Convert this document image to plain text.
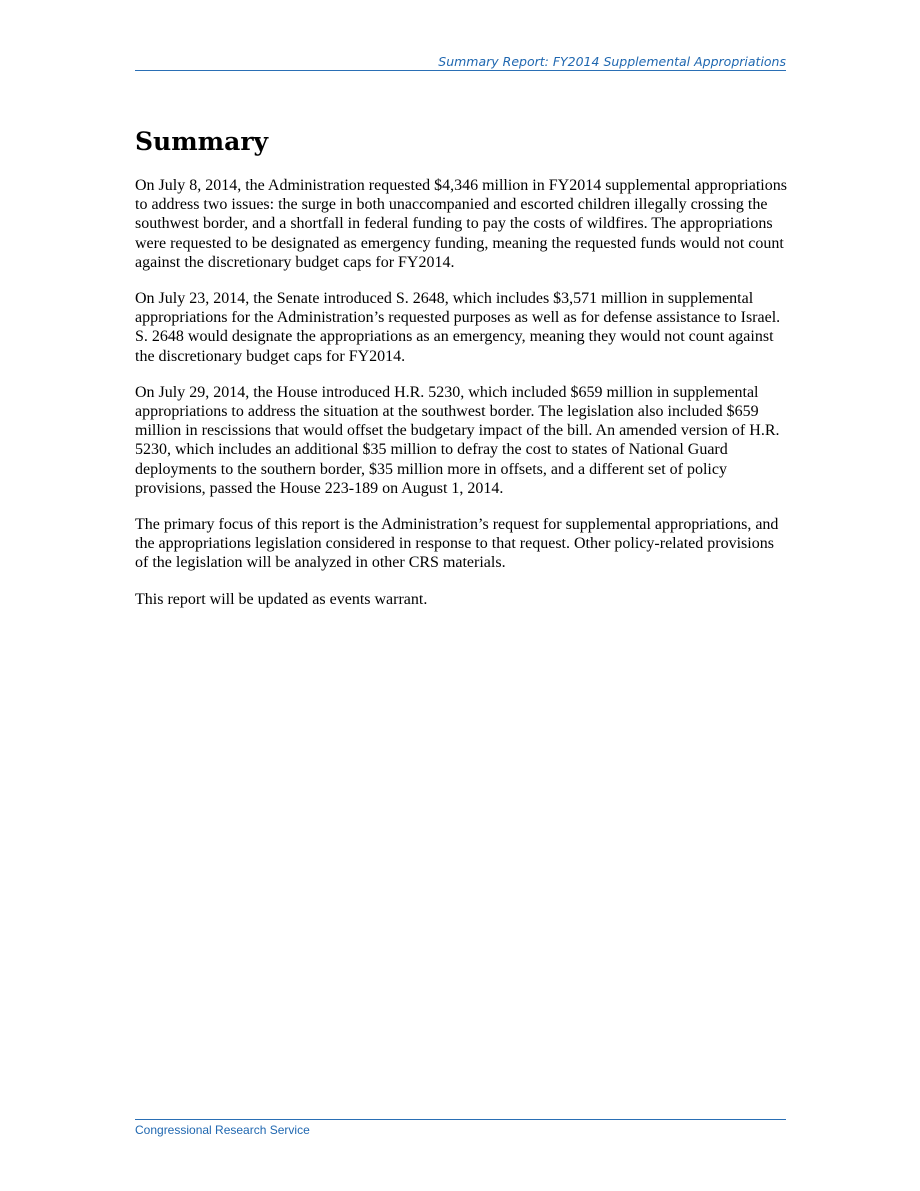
Summary Report: FY2014 Supplemental Appropriations
Summary

On July 8, 2014, the Administration requested $4,346 million in FY2014 supplemental appropriations to address two issues: the surge in both unaccompanied and escorted children illegally crossing the southwest border, and a shortfall in federal funding to pay the costs of wildfires. The appropriations were requested to be designated as emergency funding, meaning the requested funds would not count against the discretionary budget caps for FY2014.

On July 23, 2014, the Senate introduced S. 2648, which includes $3,571 million in supplemental appropriations for the Administration’s requested purposes as well as for defense assistance to Israel. S. 2648 would designate the appropriations as an emergency, meaning they would not count against the discretionary budget caps for FY2014.

On July 29, 2014, the House introduced H.R. 5230, which included $659 million in supplemental appropriations to address the situation at the southwest border. The legislation also included $659 million in rescissions that would offset the budgetary impact of the bill. An amended version of H.R. 5230, which includes an additional $35 million to defray the cost to states of National Guard deployments to the southern border, $35 million more in offsets, and a different set of policy provisions, passed the House 223-189 on August 1, 2014.

The primary focus of this report is the Administration’s request for supplemental appropriations, and the appropriations legislation considered in response to that request. Other policy-related provisions of the legislation will be analyzed in other CRS materials.

This report will be updated as events warrant.

Congressional Research Service
